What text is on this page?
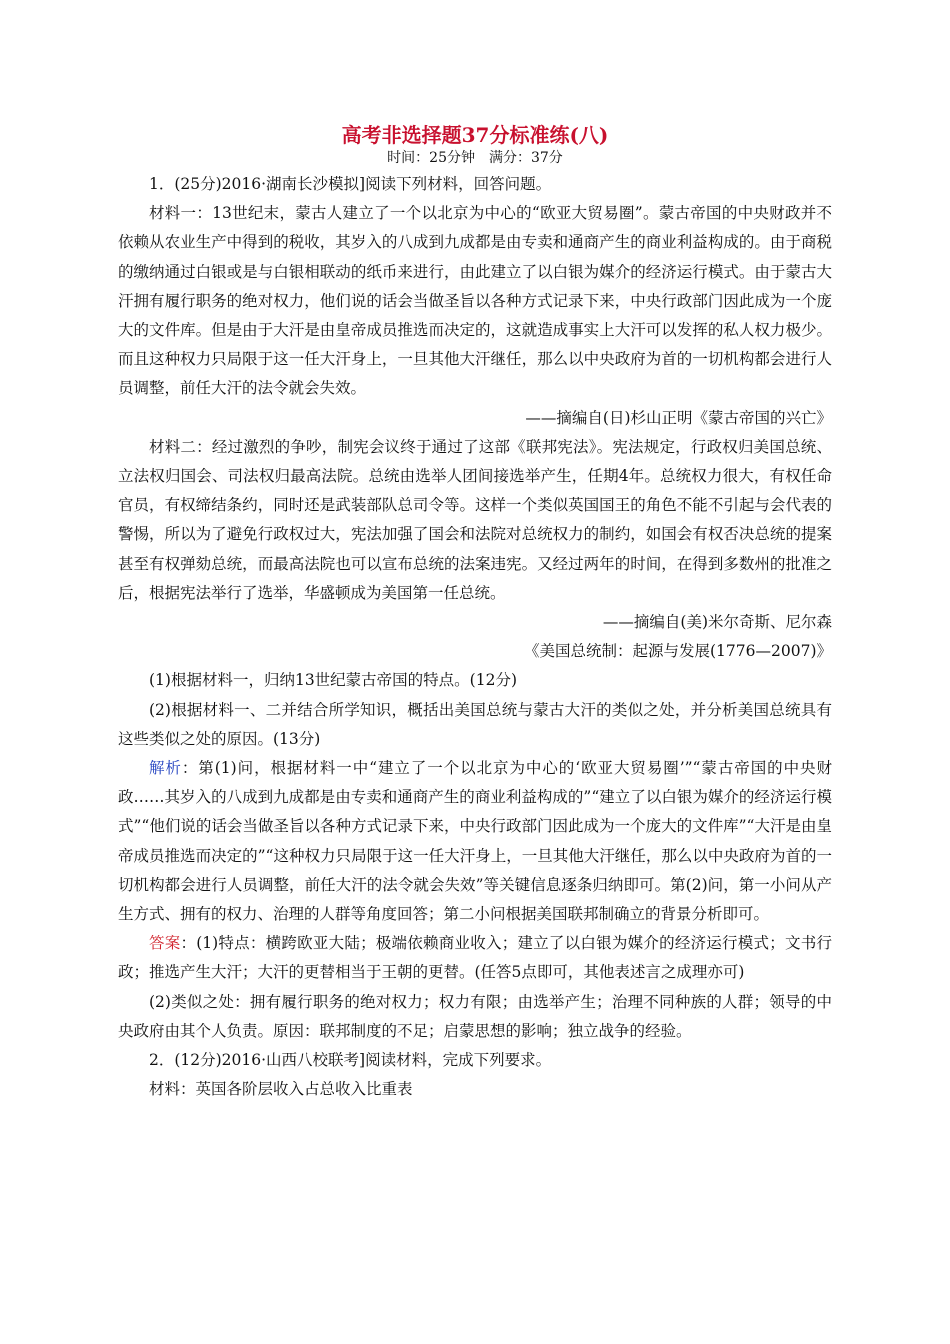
高考非选择题37分标准练(八)

时间：25分钟　满分：37分

1．(25分)2016·湖南长沙模拟]阅读下列材料，回答问题。

材料一：13世纪末，蒙古人建立了一个以北京为中心的“欧亚大贸易圈”。蒙古帝国的中央财政并不依赖从农业生产中得到的税收，其岁入的八成到九成都是由专卖和通商产生的商业利益构成的。由于商税的缴纳通过白银或是与白银相联动的纸币来进行，由此建立了以白银为媒介的经济运行模式。由于蒙古大汗拥有履行职务的绝对权力，他们说的话会当做圣旨以各种方式记录下来，中央行政部门因此成为一个庞大的文件库。但是由于大汗是由皇帝成员推选而决定的，这就造成事实上大汗可以发挥的私人权力极少。而且这种权力只局限于这一任大汗身上，一旦其他大汗继任，那么以中央政府为首的一切机构都会进行人员调整，前任大汗的法令就会失效。

——摘编自(日)杉山正明《蒙古帝国的兴亡》

材料二：经过激烈的争吵，制宪会议终于通过了这部《联邦宪法》。宪法规定，行政权归美国总统、立法权归国会、司法权归最高法院。总统由选举人团间接选举产生，任期4年。总统权力很大，有权任命官员，有权缔结条约，同时还是武装部队总司令等。这样一个类似英国国王的角色不能不引起与会代表的警惕，所以为了避免行政权过大，宪法加强了国会和法院对总统权力的制约，如国会有权否决总统的提案甚至有权弹劾总统，而最高法院也可以宣布总统的法案违宪。又经过两年的时间，在得到多数州的批准之后，根据宪法举行了选举，华盛顿成为美国第一任总统。

——摘编自(美)米尔奇斯、尼尔森

《美国总统制：起源与发展(1776—2007)》

(1)根据材料一，归纳13世纪蒙古帝国的特点。(12分)

(2)根据材料一、二并结合所学知识，概括出美国总统与蒙古大汗的类似之处，并分析美国总统具有这些类似之处的原因。(13分)

解析：第(1)问，根据材料一中“建立了一个以北京为中心的‘欧亚大贸易圈’”“蒙古帝国的中央财政……其岁入的八成到九成都是由专卖和通商产生的商业利益构成的”“建立了以白银为媒介的经济运行模式”“他们说的话会当做圣旨以各种方式记录下来，中央行政部门因此成为一个庞大的文件库”“大汗是由皇帝成员推选而决定的”“这种权力只局限于这一任大汗身上，一旦其他大汗继任，那么以中央政府为首的一切机构都会进行人员调整，前任大汗的法令就会失效”等关键信息逐条归纳即可。第(2)问，第一小问从产生方式、拥有的权力、治理的人群等角度回答；第二小问根据美国联邦制确立的背景分析即可。

答案：(1)特点：横跨欧亚大陆；极端依赖商业收入；建立了以白银为媒介的经济运行模式；文书行政；推选产生大汗；大汗的更替相当于王朝的更替。(任答5点即可，其他表述言之成理亦可)

(2)类似之处：拥有履行职务的绝对权力；权力有限；由选举产生；治理不同种族的人群；领导的中央政府由其个人负责。原因：联邦制度的不足；启蒙思想的影响；独立战争的经验。

2．(12分)2016·山西八校联考]阅读材料，完成下列要求。

材料：英国各阶层收入占总收入比重表
